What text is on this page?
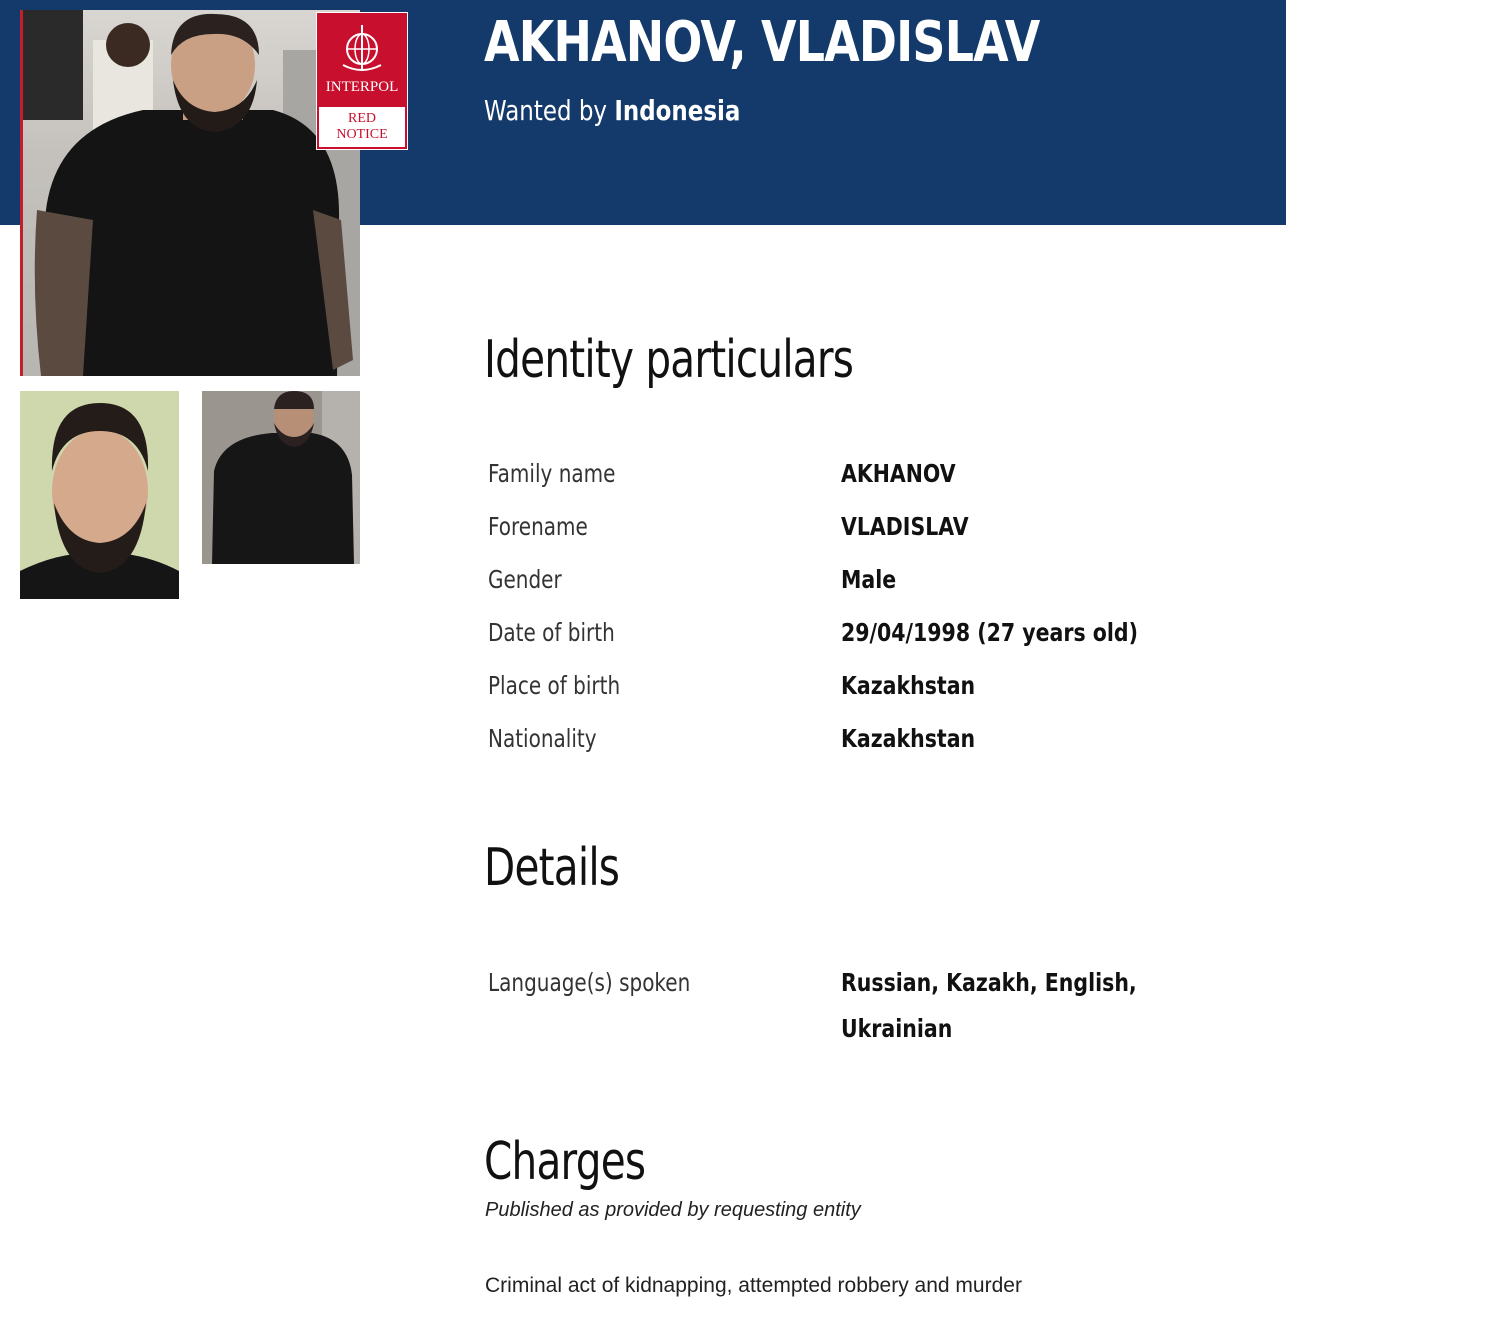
AKHANOV, VLADISLAV
Wanted by Indonesia
INTERPOL
RED
NOTICE
Identity particulars
Family name	AKHANOV
Forename	VLADISLAV
Gender	Male
Date of birth	29/04/1998 (27 years old)
Place of birth	Kazakhstan
Nationality	Kazakhstan
Details
Language(s) spoken	Russian, Kazakh, English,
Ukrainian
Charges
Published as provided by requesting entity
Criminal act of kidnapping, attempted robbery and murder
